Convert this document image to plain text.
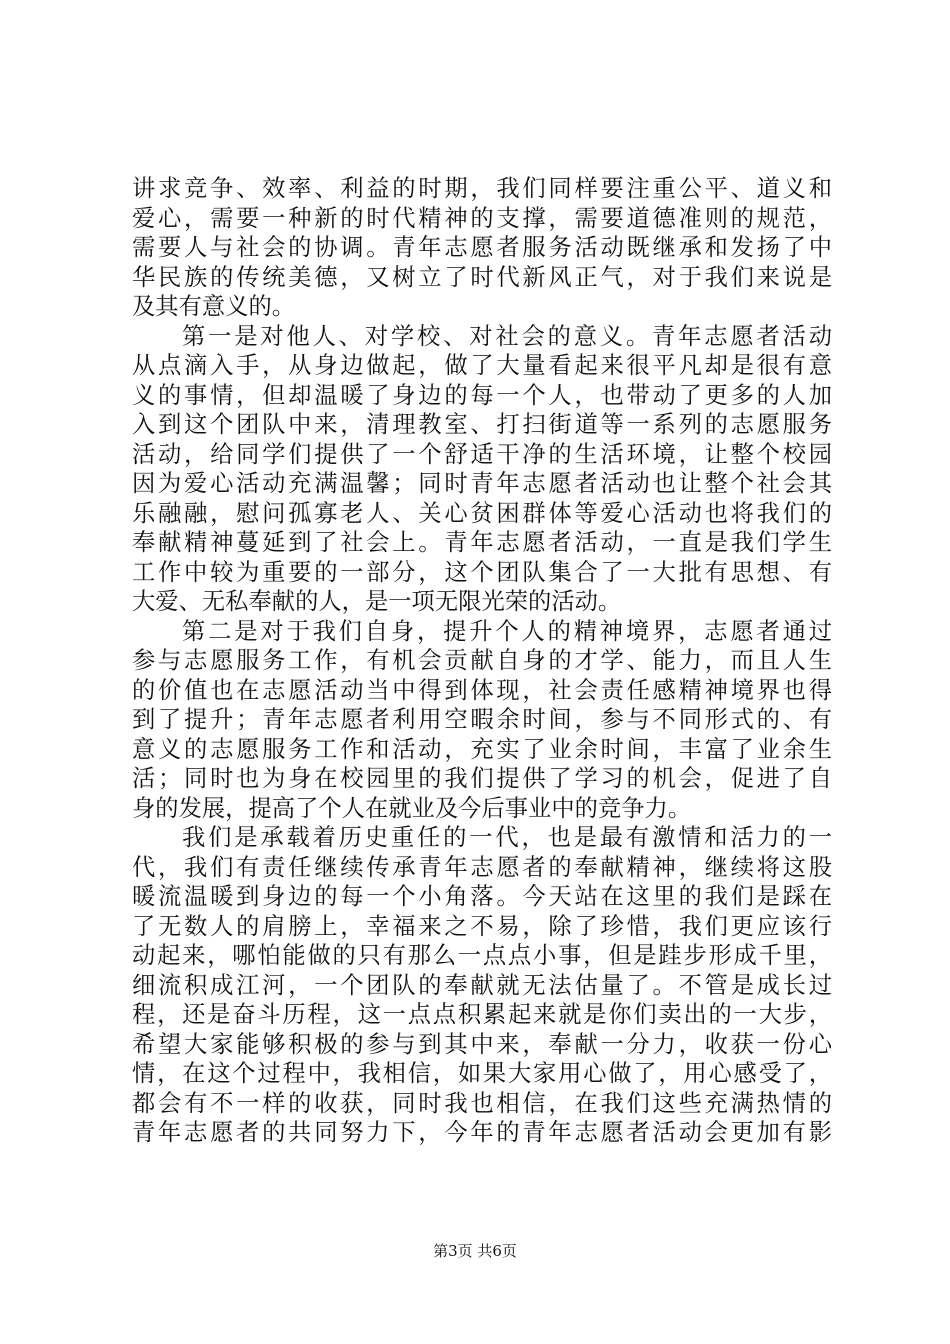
讲求竞争、效率、利益的时期，我们同样要注重公平、道义和
爱心，需要一种新的时代精神的支撑，需要道德准则的规范，
需要人与社会的协调。青年志愿者服务活动既继承和发扬了中
华民族的传统美德，又树立了时代新风正气，对于我们来说是
及其有意义的。
第一是对他人、对学校、对社会的意义。青年志愿者活动
从点滴入手，从身边做起，做了大量看起来很平凡却是很有意
义的事情，但却温暖了身边的每一个人，也带动了更多的人加
入到这个团队中来，清理教室、打扫街道等一系列的志愿服务
活动，给同学们提供了一个舒适干净的生活环境，让整个校园
因为爱心活动充满温馨；同时青年志愿者活动也让整个社会其
乐融融，慰问孤寡老人、关心贫困群体等爱心活动也将我们的
奉献精神蔓延到了社会上。青年志愿者活动，一直是我们学生
工作中较为重要的一部分，这个团队集合了一大批有思想、有
大爱、无私奉献的人，是一项无限光荣的活动。
第二是对于我们自身，提升个人的精神境界，志愿者通过
参与志愿服务工作，有机会贡献自身的才学、能力，而且人生
的价值也在志愿活动当中得到体现，社会责任感精神境界也得
到了提升；青年志愿者利用空暇余时间，参与不同形式的、有
意义的志愿服务工作和活动，充实了业余时间，丰富了业余生
活；同时也为身在校园里的我们提供了学习的机会，促进了自
身的发展，提高了个人在就业及今后事业中的竞争力。
我们是承载着历史重任的一代，也是最有激情和活力的一
代，我们有责任继续传承青年志愿者的奉献精神，继续将这股
暖流温暖到身边的每一个小角落。今天站在这里的我们是踩在
了无数人的肩膀上，幸福来之不易，除了珍惜，我们更应该行
动起来，哪怕能做的只有那么一点点小事，但是跬步形成千里，
细流积成江河，一个团队的奉献就无法估量了。不管是成长过
程，还是奋斗历程，这一点点积累起来就是你们卖出的一大步，
希望大家能够积极的参与到其中来，奉献一分力，收获一份心
情，在这个过程中，我相信，如果大家用心做了，用心感受了，
都会有不一样的收获，同时我也相信，在我们这些充满热情的
青年志愿者的共同努力下，今年的青年志愿者活动会更加有影
第3页 共6页
